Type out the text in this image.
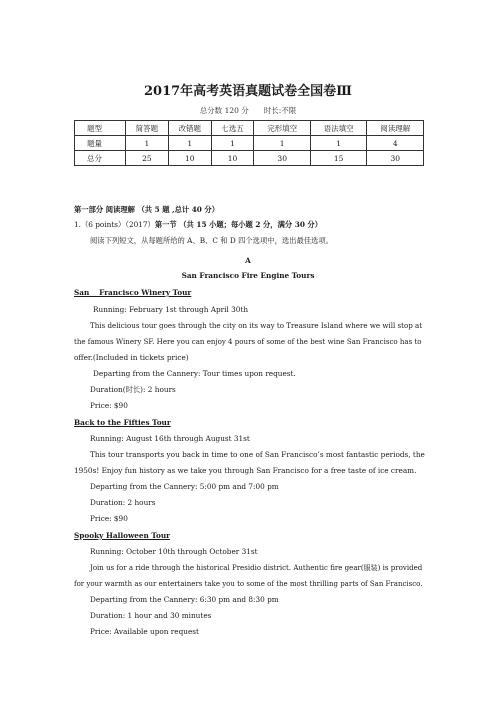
2017年高考英语真题试卷全国卷Ⅲ
总分数 120 分　　时长:不限
题型	简答题	改错题	七选五	完形填空	语法填空	阅读理解
题量	1	1	1	1	1	4
总分	25	10	10	30	15	30
第一部分 阅读理解 （共 5 题 ,总计 40 分）
1.（6 points）（2017）第一节 （共 15 小题；每小题 2 分，满分 30 分）
阅读下列短文，从每题所给的 A、B、C 和 D 四个选项中，选出最佳选项。
A
San Francisco Fire Engine Tours
San　 Francisco Winery Tour
Running: February 1st through April 30th
This delicious tour goes through the city on its way to Treasure Island where we will stop at
the famous Winery SF. Here you can enjoy 4 pours of some of the best wine San Francisco has to
offer.(Included in tickets price)
Departing from the Cannery: Tour times upon request.
Duration(时长): 2 hours
Price: $90
Back to the Fifties Tour
Running: August 16th through August 31st
This tour transports you back in time to one of San Francisco’s most fantastic periods, the
1950s! Enjoy fun history as we take you through San Francisco for a free taste of ice cream.
Departing from the Cannery: 5:00 pm and 7:00 pm
Duration: 2 hours
Price: $90
Spooky Halloween Tour
Running: October 10th through October 31st
Join us for a ride through the historical Presidio district. Authentic fire gear(服装) is provided
for your warmth as our entertainers take you to some of the most thrilling parts of San Francisco.
Departing from the Cannery: 6:30 pm and 8:30 pm
Duration: 1 hour and 30 minutes
Price: Available upon request
